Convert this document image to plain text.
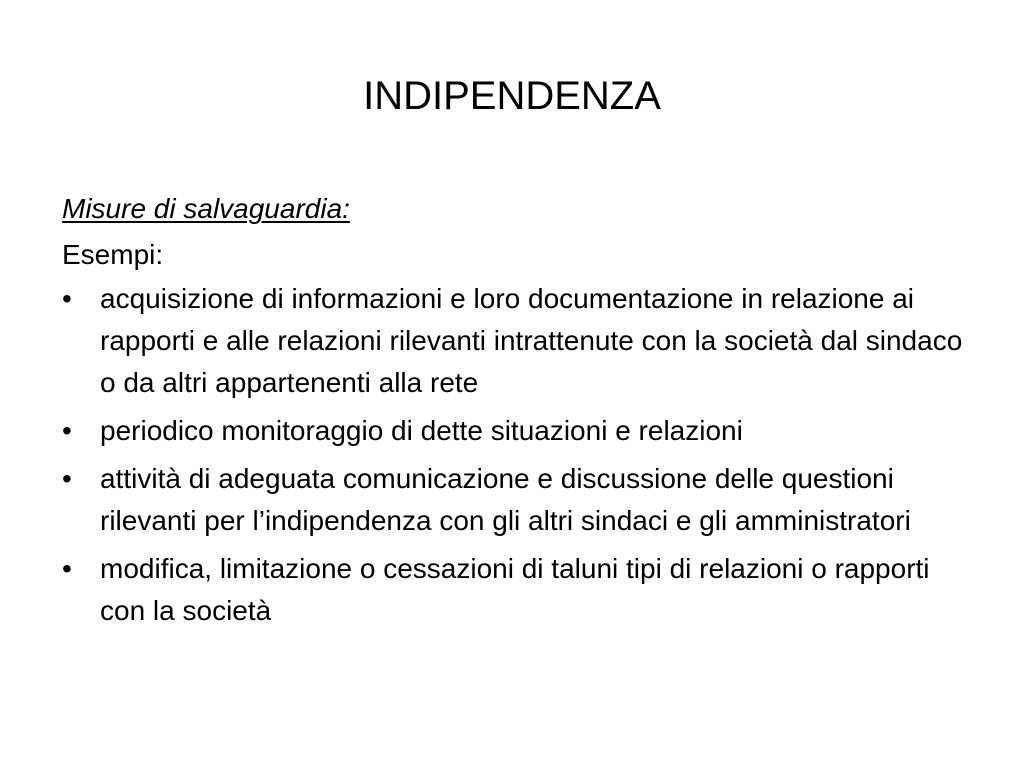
INDIPENDENZA

Misure di salvaguardia:

Esempi:

•	acquisizione di informazioni e loro documentazione in relazione ai rapporti e alle relazioni rilevanti intrattenute con la società dal sindaco o da altri appartenenti alla rete
•	periodico monitoraggio di dette situazioni e relazioni
•	attività di adeguata comunicazione e discussione delle questioni rilevanti per l’indipendenza con gli altri sindaci e gli amministratori
•	modifica, limitazione o cessazioni di taluni tipi di relazioni o rapporti con la società
